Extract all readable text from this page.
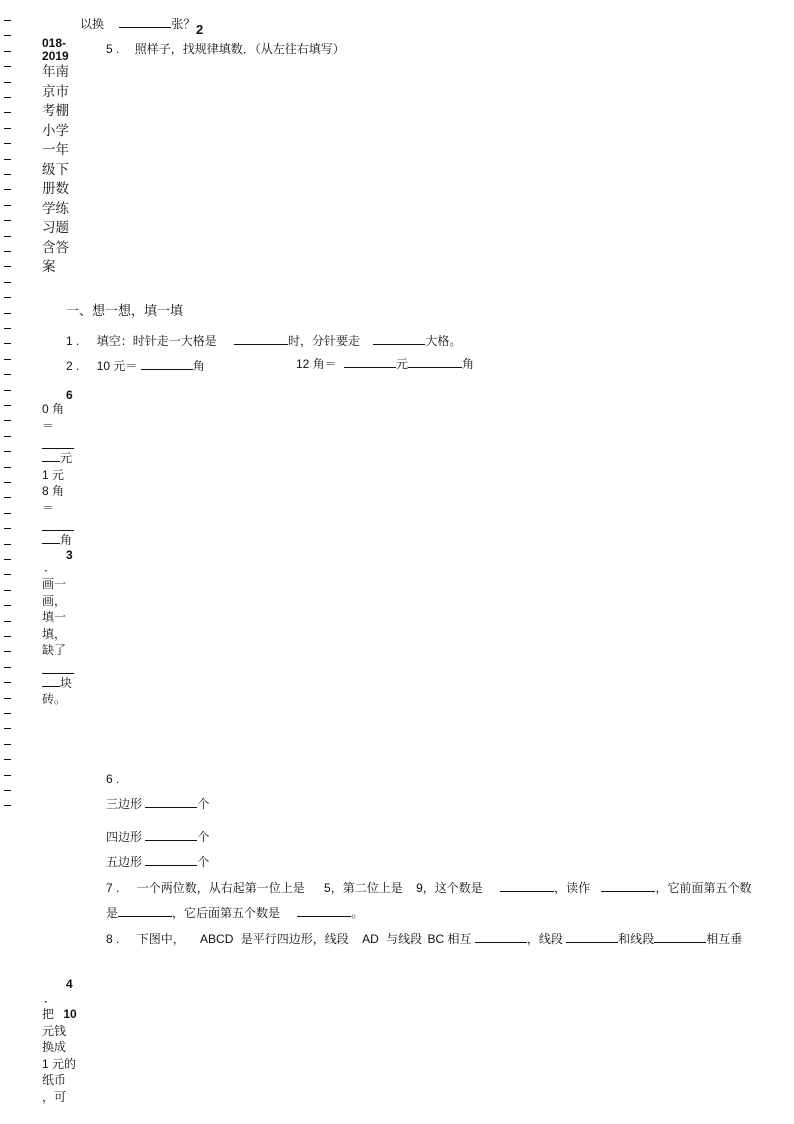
以换	张？ 2
018-
2019
年南京市考棚小学一年级下册数学练习题含答案
5 . 照样子，找规律填数．（从左往右填写）
一、想一想，填一填
1 . 填空：时针走一大格是	时，分针要走	大格。
2 . 10 元＝	角	12 角＝	元	角
6
0 角
＝
元
1 元
8 角
＝
角
3
．
画一画，填一填，缺了
块
砖。
6 .
三边形	个
四边形	个
五边形	个
7 . 一个两位数，从右起第一位上是 5，第二位上是 9，这个数是	，读作	，它前面第五个数
是	，它后面第五个数是	。
8 . 下图中， ABCD 是平行四边形，线段 AD 与线段 BC 相互	，线段	和线段	相互垂
4
．
把 10
元钱
换成
1 元的
纸币
，可
